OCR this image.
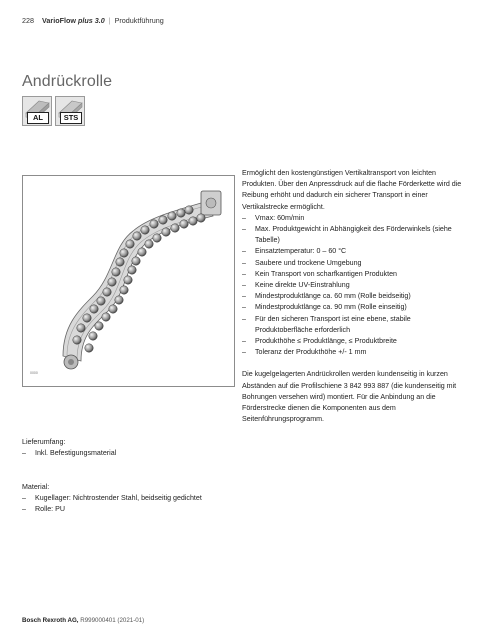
228 VarioFlow plus 3.0 | Produktführung
Andrückrolle
AL	STS
0000

Ermöglicht den kostengünstigen Vertikaltransport von leichten Produkten. Über den Anpressdruck auf die flache Förderkette wird die Reibung erhöht und dadurch ein sicherer Transport in einer Vertikalstrecke ermöglicht.

– Vmax: 60m/min
– Max. Produktgewicht in Abhängigkeit des Förderwinkels (siehe Tabelle)
– Einsatztemperatur: 0 – 60 °C
– Saubere und trockene Umgebung
– Kein Transport von scharfkantigen Produkten
– Keine direkte UV-Einstrahlung
– Mindestproduktlänge ca. 60 mm (Rolle beidseitig)
– Mindestproduktlänge ca. 90 mm (Rolle einseitig)
– Für den sicheren Transport ist eine ebene, stabile Produktoberfläche erforderlich
– Produkthöhe ≤ Produktlänge, ≤ Produktbreite
– Toleranz der Produkthöhe +/- 1 mm

Die kugelgelagerten Andrückrollen werden kundenseitig in kurzen Abständen auf die Profilschiene 3 842 993 887 (die kundenseitig mit Bohrungen versehen wird) montiert. Für die Anbindung an die Förderstrecke dienen die Komponenten aus dem Seitenführungsprogramm.

Lieferumfang:
– Inkl. Befestigungsmaterial
Material:
– Kugellager: Nichtrostender Stahl, beidseitig gedichtet
– Rolle: PU
Bosch Rexroth AG, R999000401 (2021-01)
